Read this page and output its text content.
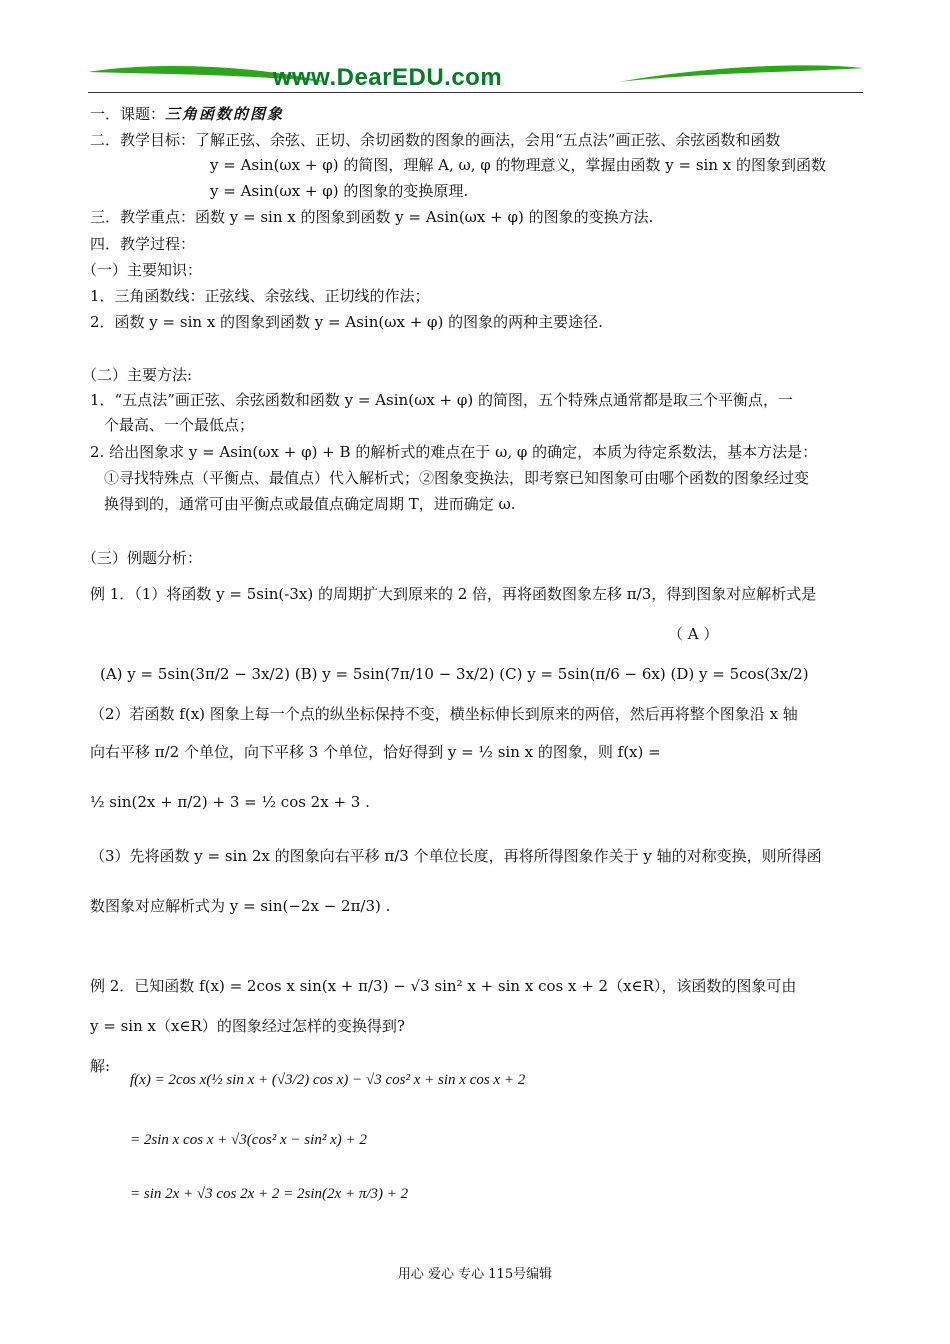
www.DearEDU.com
一．课题：三角函数的图象
二．教学目标：了解正弦、余弦、正切、余切函数的图象的画法，会用“五点法”画正弦、余弦函数和函数
y = Asin(ωx + φ) 的简图，理解 A, ω, φ 的物理意义，掌握由函数 y = sin x 的图象到函数
y = Asin(ωx + φ) 的图象的变换原理.
三．教学重点：函数 y = sin x 的图象到函数 y = Asin(ωx + φ) 的图象的变换方法.
四．教学过程：
（一）主要知识：
1．三角函数线：正弦线、余弦线、正切线的作法；
2．函数 y = sin x 的图象到函数 y = Asin(ωx + φ) 的图象的两种主要途径.
（二）主要方法:
1．“五点法”画正弦、余弦函数和函数 y = Asin(ωx + φ) 的简图，五个特殊点通常都是取三个平衡点，一
个最高、一个最低点；
2. 给出图象求 y = Asin(ωx + φ) + B 的解析式的难点在于 ω, φ 的确定，本质为待定系数法，基本方法是：
①寻找特殊点（平衡点、最值点）代入解析式；②图象变换法，即考察已知图象可由哪个函数的图象经过变
换得到的，通常可由平衡点或最值点确定周期 T，进而确定 ω.
（三）例题分析：
例 1．（1）将函数 y = 5sin(-3x) 的周期扩大到原来的 2 倍，再将函数图象左移 π/3，得到图象对应解析式是
（ A ）
(A) y = 5sin(3π/2 − 3x/2) (B) y = 5sin(7π/10 − 3x/2) (C) y = 5sin(π/6 − 6x) (D) y = 5cos(3x/2)
（2）若函数 f(x) 图象上每一个点的纵坐标保持不变，横坐标伸长到原来的两倍，然后再将整个图象沿 x 轴
向右平移 π/2 个单位，向下平移 3 个单位，恰好得到 y = ½ sin x 的图象，则 f(x) =
½ sin(2x + π/2) + 3 = ½ cos 2x + 3 .
（3）先将函数 y = sin 2x 的图象向右平移 π/3 个单位长度，再将所得图象作关于 y 轴的对称变换，则所得函
数图象对应解析式为 y = sin(−2x − 2π/3) .
例 2．已知函数 f(x) = 2cos x sin(x + π/3) − √3 sin² x + sin x cos x + 2（x∈R），该函数的图象可由
y = sin x（x∈R）的图象经过怎样的变换得到?
解:
f(x) = 2cos x(½ sin x + (√3/2) cos x) − √3 cos² x + sin x cos x + 2
= 2sin x cos x + √3(cos² x − sin² x) + 2
= sin 2x + √3 cos 2x + 2 = 2sin(2x + π/3) + 2
用心 爱心 专心 115号编辑
